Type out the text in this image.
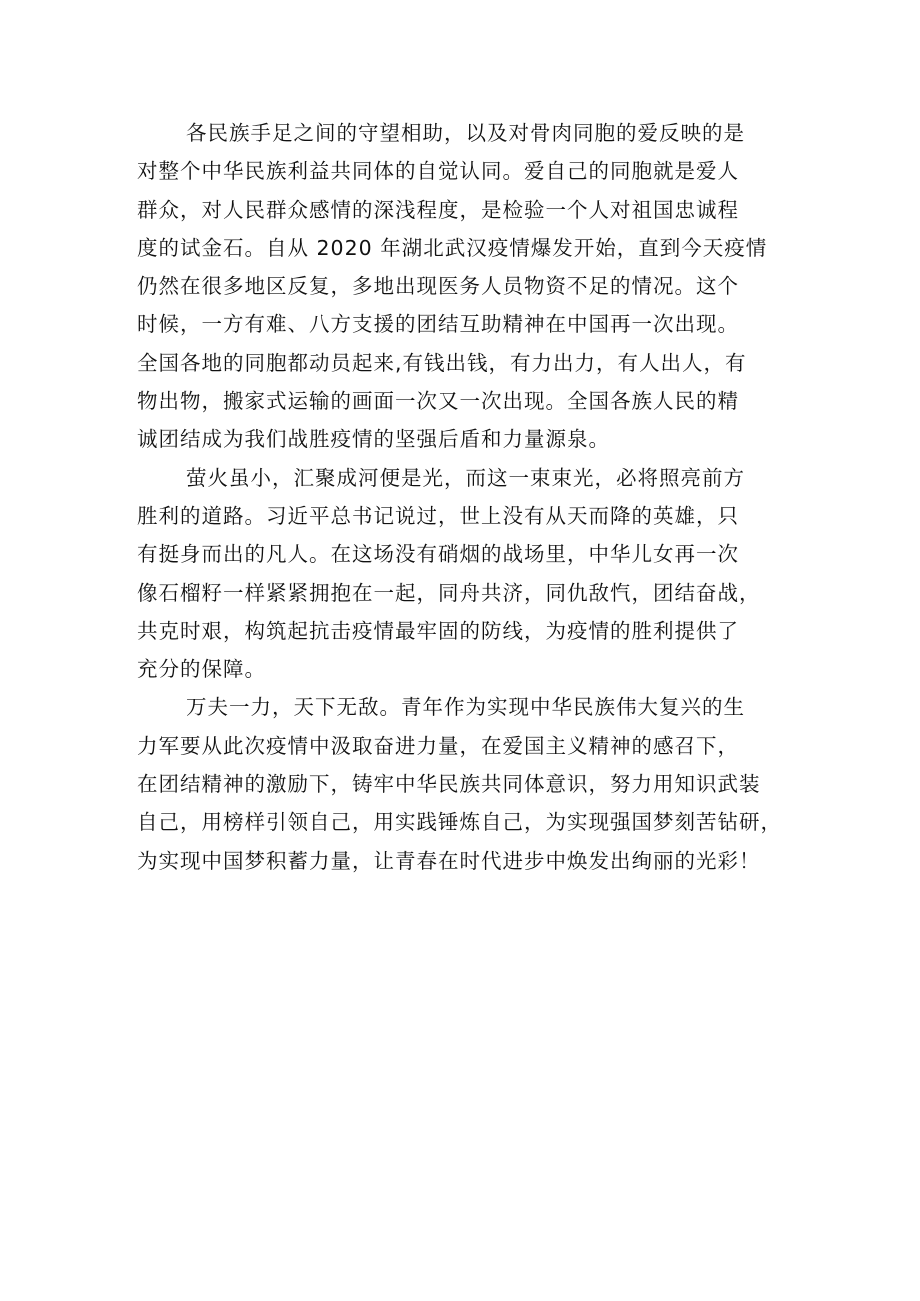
各民族手足之间的守望相助，以及对骨肉同胞的爱反映的是
对整个中华民族利益共同体的自觉认同。爱自己的同胞就是爱人
群众，对人民群众感情的深浅程度，是检验一个人对祖国忠诚程
度的试金石。自从 2020 年湖北武汉疫情爆发开始，直到今天疫情
仍然在很多地区反复，多地出现医务人员物资不足的情况。这个
时候，一方有难、八方支援的团结互助精神在中国再一次出现。
全国各地的同胞都动员起来,有钱出钱，有力出力，有人出人，有
物出物，搬家式运输的画面一次又一次出现。全国各族人民的精
诚团结成为我们战胜疫情的坚强后盾和力量源泉。
萤火虽小，汇聚成河便是光，而这一束束光，必将照亮前方
胜利的道路。习近平总书记说过，世上没有从天而降的英雄，只
有挺身而出的凡人。在这场没有硝烟的战场里，中华儿女再一次
像石榴籽一样紧紧拥抱在一起，同舟共济，同仇敌忾，团结奋战，
共克时艰，构筑起抗击疫情最牢固的防线，为疫情的胜利提供了
充分的保障。
万夫一力，天下无敌。青年作为实现中华民族伟大复兴的生
力军要从此次疫情中汲取奋进力量，在爱国主义精神的感召下，
在团结精神的激励下，铸牢中华民族共同体意识，努力用知识武装
自己，用榜样引领自己，用实践锤炼自己，为实现强国梦刻苦钻研，
为实现中国梦积蓄力量，让青春在时代进步中焕发出绚丽的光彩！
